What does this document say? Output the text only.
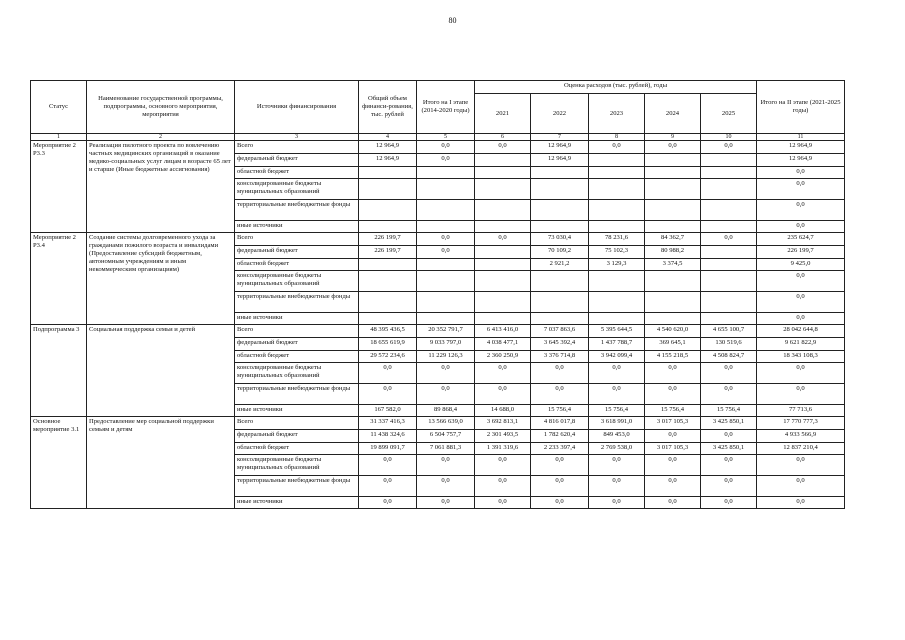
80
Статус	Наименование государственной программы, подпрограммы, основного мероприятия, мероприятия	Источники финансирования	Общий объем финанси-рования, тыс. рублей	Итого на I этапе (2014-2020 годы)	Оценка расходов (тыс. рублей), годы					Итого на II этапе (2021-2025 годы)
					2021	2022	2023	2024	2025	
1	2	3	4	5	6	7	8	9	10	11
Мероприятие 2 Р3.3	Реализация пилотного проекта по вовлечению частных медицинских организаций в оказание медико-социальных услуг лицам в возрасте 65 лет и старше (Иные бюджетные ассигнования)	Всего	12 964,9	0,0	0,0	12 964,9	0,0	0,0	0,0	12 964,9
		федеральный бюджет	12 964,9	0,0		12 964,9				12 964,9
		областной бюджет								0,0
		консолидированные бюджеты муниципальных образований								0,0
		территориальные внебюджетные фонды								0,0
		иные источники								0,0
Мероприятие 2 Р3.4	Создание системы долговременного ухода за гражданами пожилого возраста и инвалидами (Предоставление субсидий бюджетным, автономным учреждениям и иным некоммерческим организациям)	Всего	226 199,7	0,0	0,0	73 030,4	78 231,6	84 362,7	0,0	235 624,7
		федеральный бюджет	226 199,7	0,0		70 109,2	75 102,3	80 988,2		226 199,7
		областной бюджет				2 921,2	3 129,3	3 374,5		9 425,0
		консолидированные бюджеты муниципальных образований								0,0
		территориальные внебюджетные фонды								0,0
		иные источники								0,0
Подпрограмма 3	Социальная поддержка семьи и детей	Всего	48 395 436,5	20 352 791,7	6 413 416,0	7 037 863,6	5 395 644,5	4 540 620,0	4 655 100,7	28 042 644,8
		федеральный бюджет	18 655 619,9	9 033 797,0	4 038 477,1	3 645 392,4	1 437 788,7	369 645,1	130 519,6	9 621 822,9
		областной бюджет	29 572 234,6	11 229 126,3	2 360 250,9	3 376 714,8	3 942 099,4	4 155 218,5	4 508 824,7	18 343 108,3
		консолидированные бюджеты муниципальных образований	0,0	0,0	0,0	0,0	0,0	0,0	0,0	0,0
		территориальные внебюджетные фонды	0,0	0,0	0,0	0,0	0,0	0,0	0,0	0,0
		иные источники	167 582,0	89 868,4	14 688,0	15 756,4	15 756,4	15 756,4	15 756,4	77 713,6
Основное мероприятие 3.1	Предоставление мер социальной поддержки семьям и детям	Всего	31 337 416,3	13 566 639,0	3 692 813,1	4 816 017,8	3 618 991,0	3 017 105,3	3 425 850,1	17 770 777,3
		федеральный бюджет	11 438 324,6	6 504 757,7	2 301 493,5	1 782 620,4	849 453,0	0,0	0,0	4 933 566,9
		областной бюджет	19 899 091,7	7 061 881,3	1 391 319,6	2 233 397,4	2 769 538,0	3 017 105,3	3 425 850,1	12 837 210,4
		консолидированные бюджеты муниципальных образований	0,0	0,0	0,0	0,0	0,0	0,0	0,0	0,0
		территориальные внебюджетные фонды	0,0	0,0	0,0	0,0	0,0	0,0	0,0	0,0
		иные источники	0,0	0,0	0,0	0,0	0,0	0,0	0,0	0,0
